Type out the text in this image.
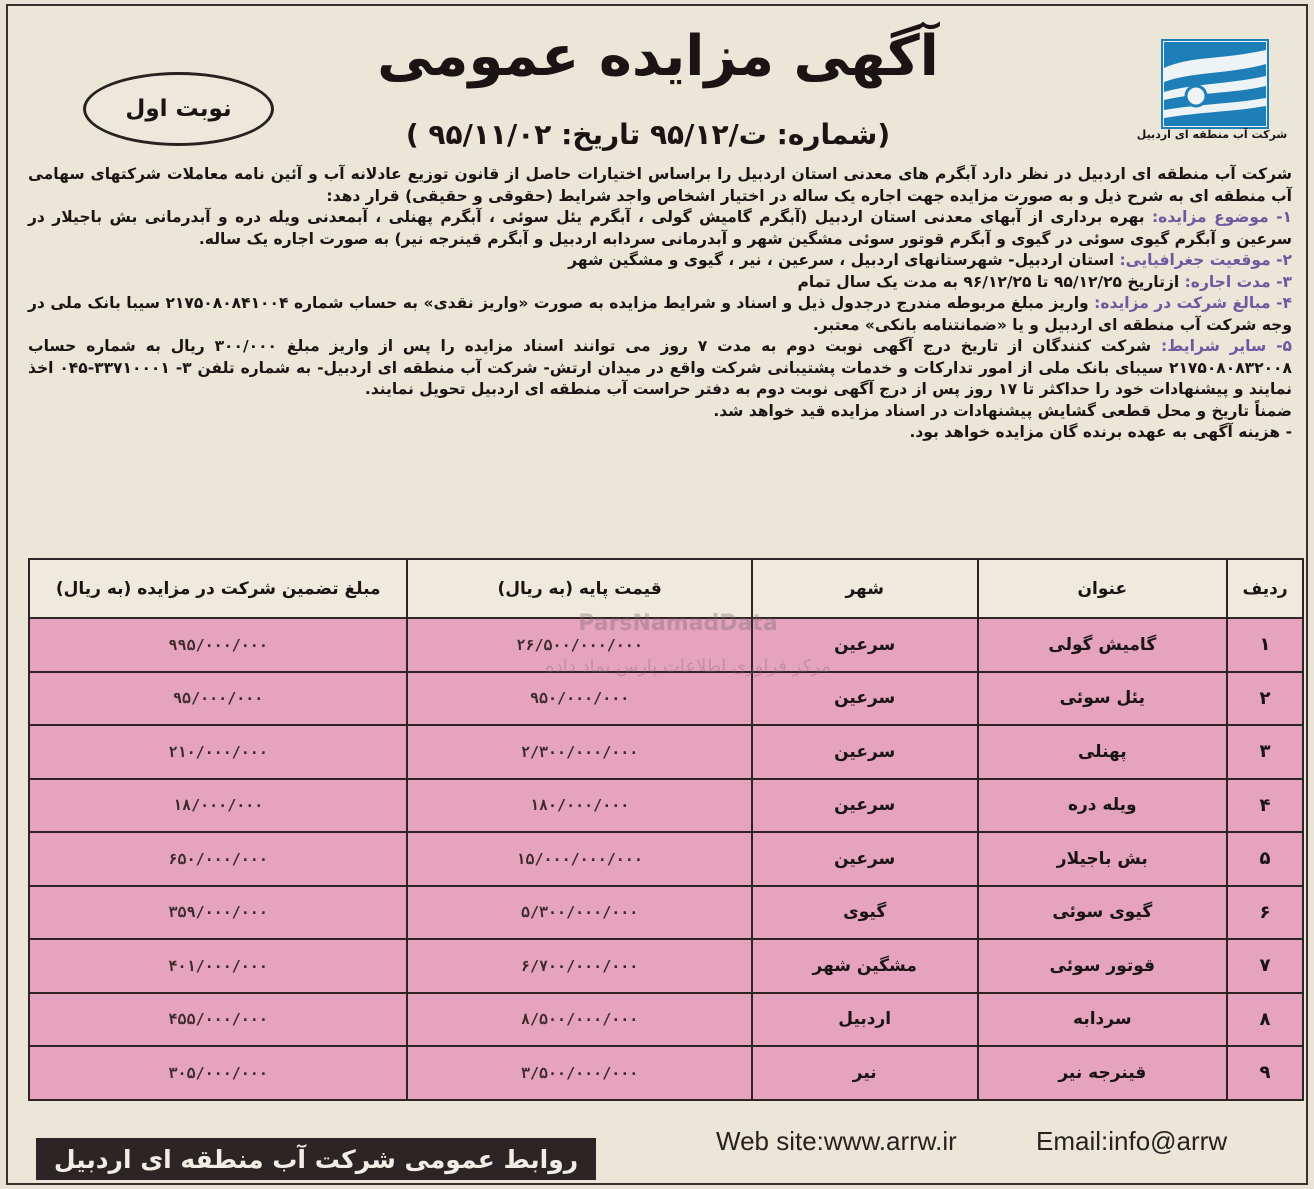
شرکت آب منطقه ای اردبیل
آگهی مزایده عمومی
( شماره: ت/۹۵/۱۲ تاریخ: ۹۵/۱۱/۰۲)
نوبت اول

شرکت آب منطقه ای اردبیل در نظر دارد آبگرم های معدنی استان اردبیل را براساس اختیارات حاصل از قانون توزیع عادلانه آب و آئین نامه معاملات شرکتهای سهامی آب منطقه ای به شرح ذیل و به صورت مزایده جهت اجاره یک ساله در اختیار اشخاص واجد شرایط (حقوقی و حقیقی) قرار دهد:

۱- موضوع مزایده: بهره برداری از آبهای معدنی استان اردبیل (آبگرم گامیش گولی ، آبگرم یئل سوئی ، آبگرم پهنلی ، آبمعدنی ویله دره و آبدرمانی بش باجیلار در سرعین و آبگرم گیوی سوئی در گیوی و آبگرم قوتور سوئی مشگین شهر و آبدرمانی سردابه اردبیل و آبگرم قینرجه نیر) به صورت اجاره یک ساله.

۲- موقعیت جغرافیایی: استان اردبیل- شهرستانهای اردبیل ، سرعین ، نیر ، گیوی و مشگین شهر

۳- مدت اجاره: ازتاریخ ۹۵/۱۲/۲۵ تا ۹۶/۱۲/۲۵ به مدت یک سال تمام

۴- مبالغ شرکت در مزایده: واریز مبلغ مربوطه مندرج درجدول ذیل و اسناد و شرایط مزایده به صورت «واریز نقدی» به حساب شماره ۲۱۷۵۰۸۰۸۴۱۰۰۴ سیبا بانک ملی در وجه شرکت آب منطقه ای اردبیل و یا «ضمانتنامه بانکی» معتبر.

۵- سایر شرایط: شرکت کنندگان از تاریخ درج آگهی نوبت دوم به مدت ۷ روز می توانند اسناد مزایده را پس از واریز مبلغ ۳۰۰/۰۰۰ ریال به شماره حساب ۲۱۷۵۰۸۰۸۳۲۰۰۸ سیبای بانک ملی از امور تدارکات و خدمات پشتیبانی شرکت واقع در میدان ارتش- شرکت آب منطقه ای اردبیل- به شماره تلفن ۳- ۳۳۷۱۰۰۰۱-۰۴۵ اخذ نمایند و پیشنهادات خود را حداکثر تا ۱۷ روز پس از درج آگهی نوبت دوم به دفتر حراست آب منطقه ای اردبیل تحویل نمایند.

ضمناً تاریخ و محل قطعی گشایش پیشنهادات در اسناد مزایده قید خواهد شد.

- هزینه آگهی به عهده برنده گان مزایده خواهد بود.

ردیف	عنوان	شهر	قیمت پایه (به ریال)	مبلغ تضمین شرکت در مزایده (به ریال)
۱	گامیش گولی	سرعین	۲۶/۵۰۰/۰۰۰/۰۰۰	۹۹۵/۰۰۰/۰۰۰
۲	یئل سوئی	سرعین	۹۵۰/۰۰۰/۰۰۰	۹۵/۰۰۰/۰۰۰
۳	پهنلی	سرعین	۲/۳۰۰/۰۰۰/۰۰۰	۲۱۰/۰۰۰/۰۰۰
۴	ویله دره	سرعین	۱۸۰/۰۰۰/۰۰۰	۱۸/۰۰۰/۰۰۰
۵	بش باجیلار	سرعین	۱۵/۰۰۰/۰۰۰/۰۰۰	۶۵۰/۰۰۰/۰۰۰
۶	گیوی سوئی	گیوی	۵/۳۰۰/۰۰۰/۰۰۰	۳۵۹/۰۰۰/۰۰۰
۷	قوتور سوئی	مشگین شهر	۶/۷۰۰/۰۰۰/۰۰۰	۴۰۱/۰۰۰/۰۰۰
۸	سردابه	اردبیل	۸/۵۰۰/۰۰۰/۰۰۰	۴۵۵/۰۰۰/۰۰۰
۹	قینرجه نیر	نیر	۳/۵۰۰/۰۰۰/۰۰۰	۳۰۵/۰۰۰/۰۰۰
ParsNamadData
مرکز فراوری اطلاعات پارس نماد داده
روابط عمومی شرکت آب منطقه ای اردبیل
Web site:www.arrw.ir	Email:info@arrw
